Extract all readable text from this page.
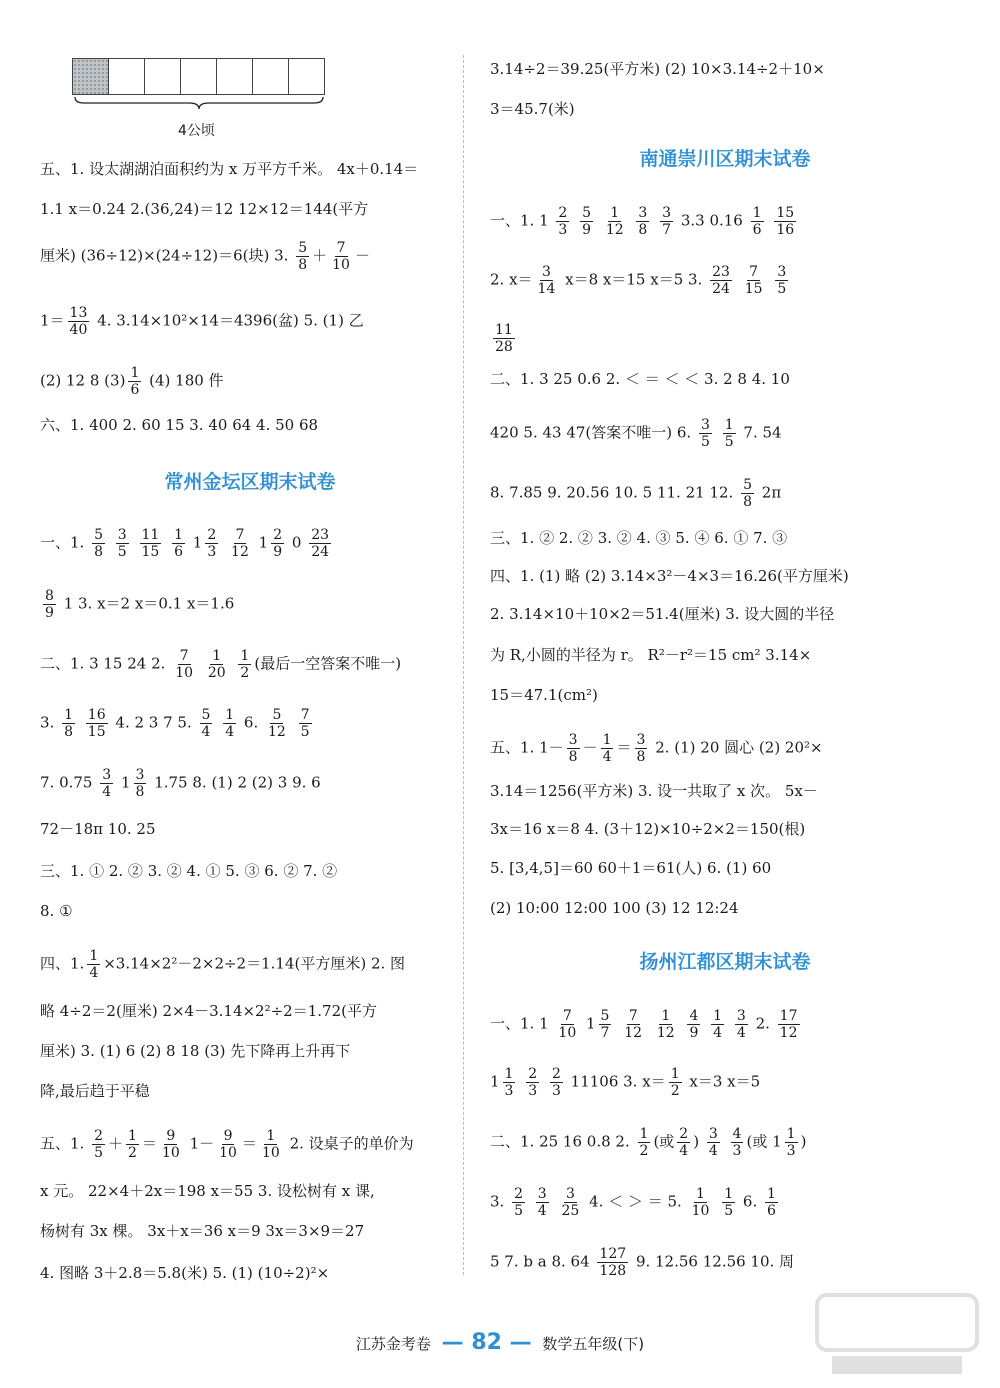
4公顷
五、1. 设太湖湖泊面积约为 x 万平方千米。 4x＋0.14＝
1.1 x＝0.24 2.(36,24)＝12 12×12＝144(平方
厘米) (36÷12)×(24÷12)＝6(块) 3. $\frac{5}{8} + \frac{7}{10}$ －
$1= \frac{13}{40} 4$. 3.14×10²×14＝4396(盆) 5. (1) 乙
(2) 12 8 $(3) \frac{1}{6} (4)$ 180 件
六、1. 400 2. 60 15 3. 40 64 4. 50 68
常州金坛区期末试卷
一、1. $\frac{5}{8}$
$\frac{3}{5}$
$\frac{11}{15}$
$\frac{1}{6} 1 \frac{2}{3}$
$\frac{7}{12} 1 \frac{2}{9} 0 \frac{23}{24}$
$\frac{8}{9} 1$ 3. x＝2 x＝0.1 x＝1.6
二、1. 3 15 24 2. $\frac{7}{10}$
$\frac{1}{20}$
$\frac{1}{2}$ (最后一空答案不唯一)
3. $\frac{1}{8}$
$\frac{16}{15} 4$. 2 3 7 5. $\frac{5}{4}$
$\frac{1}{4} 6$. $\frac{5}{12}$
$\frac{7}{5}$
7. $0.75 \frac{3}{4} 1 \frac{3}{8} 1.75$ 8. (1) 2 (2) 3 9. 6
72－18π 10. 25
三、1. ① 2. ② 3. ② 4. ① 5. ③ 6. ② 7. ②
8. ①
四、1. $\frac{1}{4} \times 3.14\times 2^2-2\times 2\div 2=1.14$(平方厘米) 2. 图
略 4÷2＝2(厘米) 2×4－3.14×2²÷2＝1.72(平方
厘米) 3. (1) 6 (2) 8 18 (3) 先下降再上升再下
降,最后趋于平稳
五、1. $\frac{2}{5} + \frac{1}{2} = \frac{9}{10} 1- \frac{9}{10} = \frac{1}{10} 2$. 设桌子的单价为
x 元。 22×4＋2x＝198 x＝55 3. 设松树有 x 课,
杨树有 3x 棵。 3x＋x＝36 x＝9 3x＝3×9＝27
4. 图略 3＋2.8＝5.8(米) 5. (1) (10÷2)²×
3.14÷2＝39.25(平方米) (2) 10×3.14÷2＋10×
3＝45.7(米)
南通崇川区期末试卷
一、1. $1 \frac{2}{3}$
$\frac{5}{9}$
$\frac{1}{12}$
$\frac{3}{8}$
$\frac{3}{7} 3.3$ $0.16 \frac{1}{6}$
$\frac{15}{16}$
2. $x= \frac{3}{14} x=8$ x＝15 x＝5 3. $\frac{23}{24}$
$\frac{7}{15}$
$\frac{3}{5}$
$\frac{11}{28}$
二、1. 3 25 0.6 2. ＜ ＝ ＜ ＜ 3. 2 8 4. 10
420 5. 43 47(答案不唯一) 6. $\frac{3}{5}$
$\frac{1}{5} 7$. 54
8. 7.85 9. 20.56 10. 5 11. 21 12. $\frac{5}{8} 2\pi$
三、1. ② 2. ② 3. ② 4. ③ 5. ④ 6. ① 7. ③
四、1. (1) 略 (2) 3.14×3²－4×3＝16.26(平方厘米)
2. 3.14×10＋10×2＝51.4(厘米) 3. 设大圆的半径
为 R,小圆的半径为 r。 R²－r²＝15 cm² 3.14×
15＝47.1(cm²)
五、1. $1- \frac{3}{8} - \frac{1}{4} = \frac{3}{8} 2$. (1) 20 圆心 (2) 20²×
3.14＝1256(平方米) 3. 设一共取了 x 次。 5x－
3x＝16 x＝8 4. (3＋12)×10÷2×2＝150(根)
5. [3,4,5]＝60 60＋1＝61(人) 6. (1) 60
(2) 10:00 12:00 100 (3) 12 12:24
扬州江都区期末试卷
一、1. $1 \frac{7}{10} 1 \frac{5}{7}$
$\frac{7}{12}$
$\frac{1}{12}$
$\frac{4}{9}$
$\frac{1}{4}$
$\frac{3}{4} 2$. $\frac{17}{12}$
$1 \frac{1}{3}$
$\frac{2}{3}$
$\frac{2}{3} 11106$ 3. $x= \frac{1}{2} x=3$ x＝5
二、1. 25 16 0.8 2. $\frac{1}{2}$ (或 $\frac{2}{4}$ ) $\frac{3}{4}$
$\frac{4}{3}$ (或 $1 \frac{1}{3}$ )
3. $\frac{2}{5}$
$\frac{3}{4}$
$\frac{3}{25} 4$. ＜ ＞ ＝ 5. $\frac{1}{10}$
$\frac{1}{5} 6$. $\frac{1}{6}$
5 7. b a 8. $64 \frac{127}{128} 9$. 12.56 12.56 10. 周
江苏金考卷 — 82 — 数学五年级(下)
